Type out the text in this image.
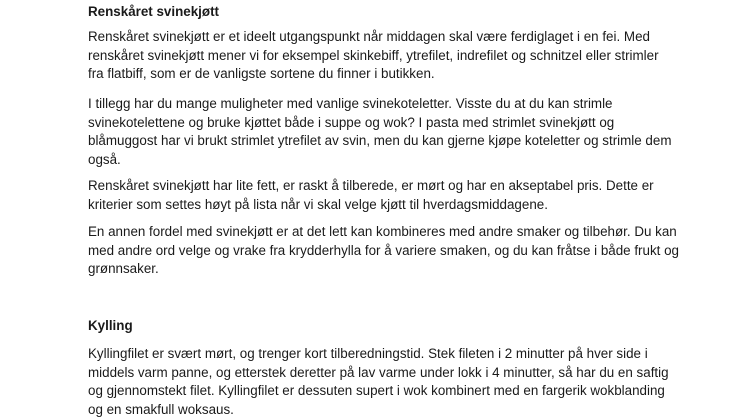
Renskåret svinekjøtt

Renskåret svinekjøtt er et ideelt utgangspunkt når middagen skal være ferdiglaget i en fei. Med
renskåret svinekjøtt mener vi for eksempel skinkebiff, ytrefilet, indrefilet og schnitzel eller strimler
fra flatbiff, som er de vanligste sortene du finner i butikken.

I tillegg har du mange muligheter med vanlige svinekoteletter. Visste du at du kan strimle
svinekotelettene og bruke kjøttet både i suppe og wok? I pasta med strimlet svinekjøtt og
blåmuggost har vi brukt strimlet ytrefilet av svin, men du kan gjerne kjøpe koteletter og strimle dem
også.

Renskåret svinekjøtt har lite fett, er raskt å tilberede, er mørt og har en akseptabel pris. Dette er
kriterier som settes høyt på lista når vi skal velge kjøtt til hverdagsmiddagene.

En annen fordel med svinekjøtt er at det lett kan kombineres med andre smaker og tilbehør. Du kan
med andre ord velge og vrake fra krydderhylla for å variere smaken, og du kan fråtse i både frukt og
grønnsaker.

Kylling

Kyllingfilet er svært mørt, og trenger kort tilberedningstid. Stek fileten i 2 minutter på hver side i
middels varm panne, og etterstek deretter på lav varme under lokk i 4 minutter, så har du en saftig
og gjennomstekt filet. Kyllingfilet er dessuten supert i wok kombinert med en fargerik wokblanding
og en smakfull woksaus.
